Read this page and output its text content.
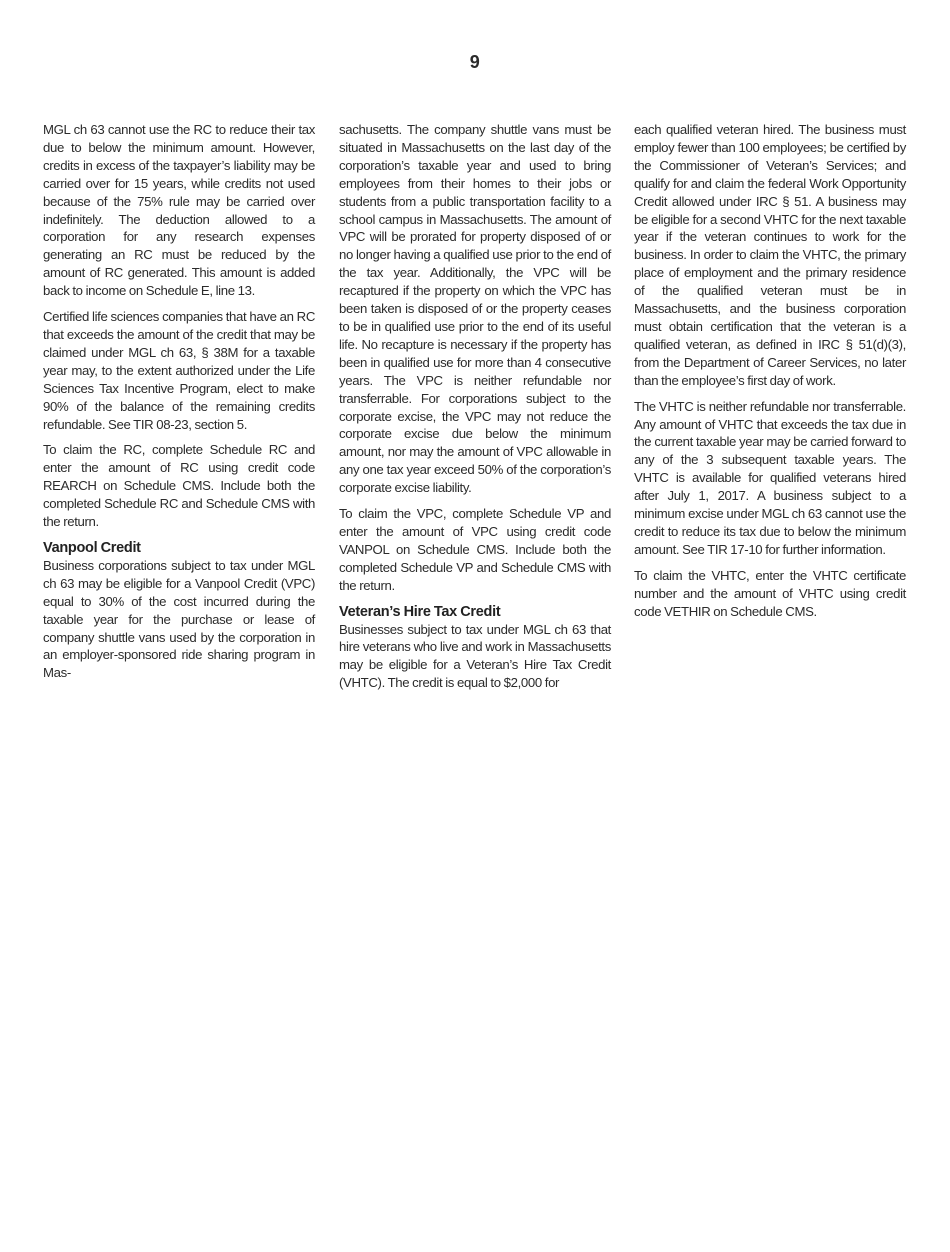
9

MGL ch 63 cannot use the RC to reduce their tax due to below the minimum amount. However, credits in excess of the taxpayer’s liability may be carried over for 15 years, while credits not used because of the 75% rule may be carried over indefinitely. The deduction allowed to a corporation for any research expenses generating an RC must be reduced by the amount of RC generated. This amount is added back to income on Schedule E, line 13.

Certified life sciences companies that have an RC that exceeds the amount of the credit that may be claimed under MGL ch 63, § 38M for a taxable year may, to the extent authorized under the Life Sciences Tax Incentive Program, elect to make 90% of the balance of the remaining credits refundable. See TIR 08-23, section 5.

To claim the RC, complete Schedule RC and enter the amount of RC using credit code REARCH on Schedule CMS. Include both the completed Schedule RC and Schedule CMS with the return.

Vanpool Credit

Business corporations subject to tax under MGL ch 63 may be eligible for a Vanpool Credit (VPC) equal to 30% of the cost incurred during the taxable year for the purchase or lease of company shuttle vans used by the corporation in an employer-sponsored ride sharing program in Mas-

sachusetts. The company shuttle vans must be situated in Massachusetts on the last day of the corporation’s taxable year and used to bring employees from their homes to their jobs or students from a public transportation facility to a school campus in Massachusetts. The amount of VPC will be prorated for property disposed of or no longer having a qualified use prior to the end of the tax year. Additionally, the VPC will be recaptured if the property on which the VPC has been taken is disposed of or the property ceases to be in qualified use prior to the end of its useful life. No recapture is necessary if the property has been in qualified use for more than 4 consecutive years. The VPC is neither refundable nor transferrable. For corporations subject to the corporate excise, the VPC may not reduce the corporate excise due below the minimum amount, nor may the amount of VPC allowable in any one tax year exceed 50% of the corporation’s corporate excise liability.

To claim the VPC, complete Schedule VP and enter the amount of VPC using credit code VANPOL on Schedule CMS. Include both the completed Schedule VP and Schedule CMS with the return.

Veteran’s Hire Tax Credit

Businesses subject to tax under MGL ch 63 that hire veterans who live and work in Massachusetts may be eligible for a Veteran’s Hire Tax Credit (VHTC). The credit is equal to $2,000 for

each qualified veteran hired. The business must employ fewer than 100 employees; be certified by the Commissioner of Veteran’s Services; and qualify for and claim the federal Work Opportunity Credit allowed under IRC § 51. A business may be eligible for a second VHTC for the next taxable year if the veteran continues to work for the business. In order to claim the VHTC, the primary place of employment and the primary residence of the qualified veteran must be in Massachusetts, and the business corporation must obtain certification that the veteran is a qualified veteran, as defined in IRC § 51(d)(3), from the Department of Career Services, no later than the employee’s first day of work.

The VHTC is neither refundable nor transferrable. Any amount of VHTC that exceeds the tax due in the current taxable year may be carried forward to any of the 3 subsequent taxable years. The VHTC is available for qualified veterans hired after July 1, 2017. A business subject to a minimum excise under MGL ch 63 cannot use the credit to reduce its tax due to below the minimum amount. See TIR 17-10 for further information.

To claim the VHTC, enter the VHTC certificate number and the amount of VHTC using credit code VETHIR on Schedule CMS.
